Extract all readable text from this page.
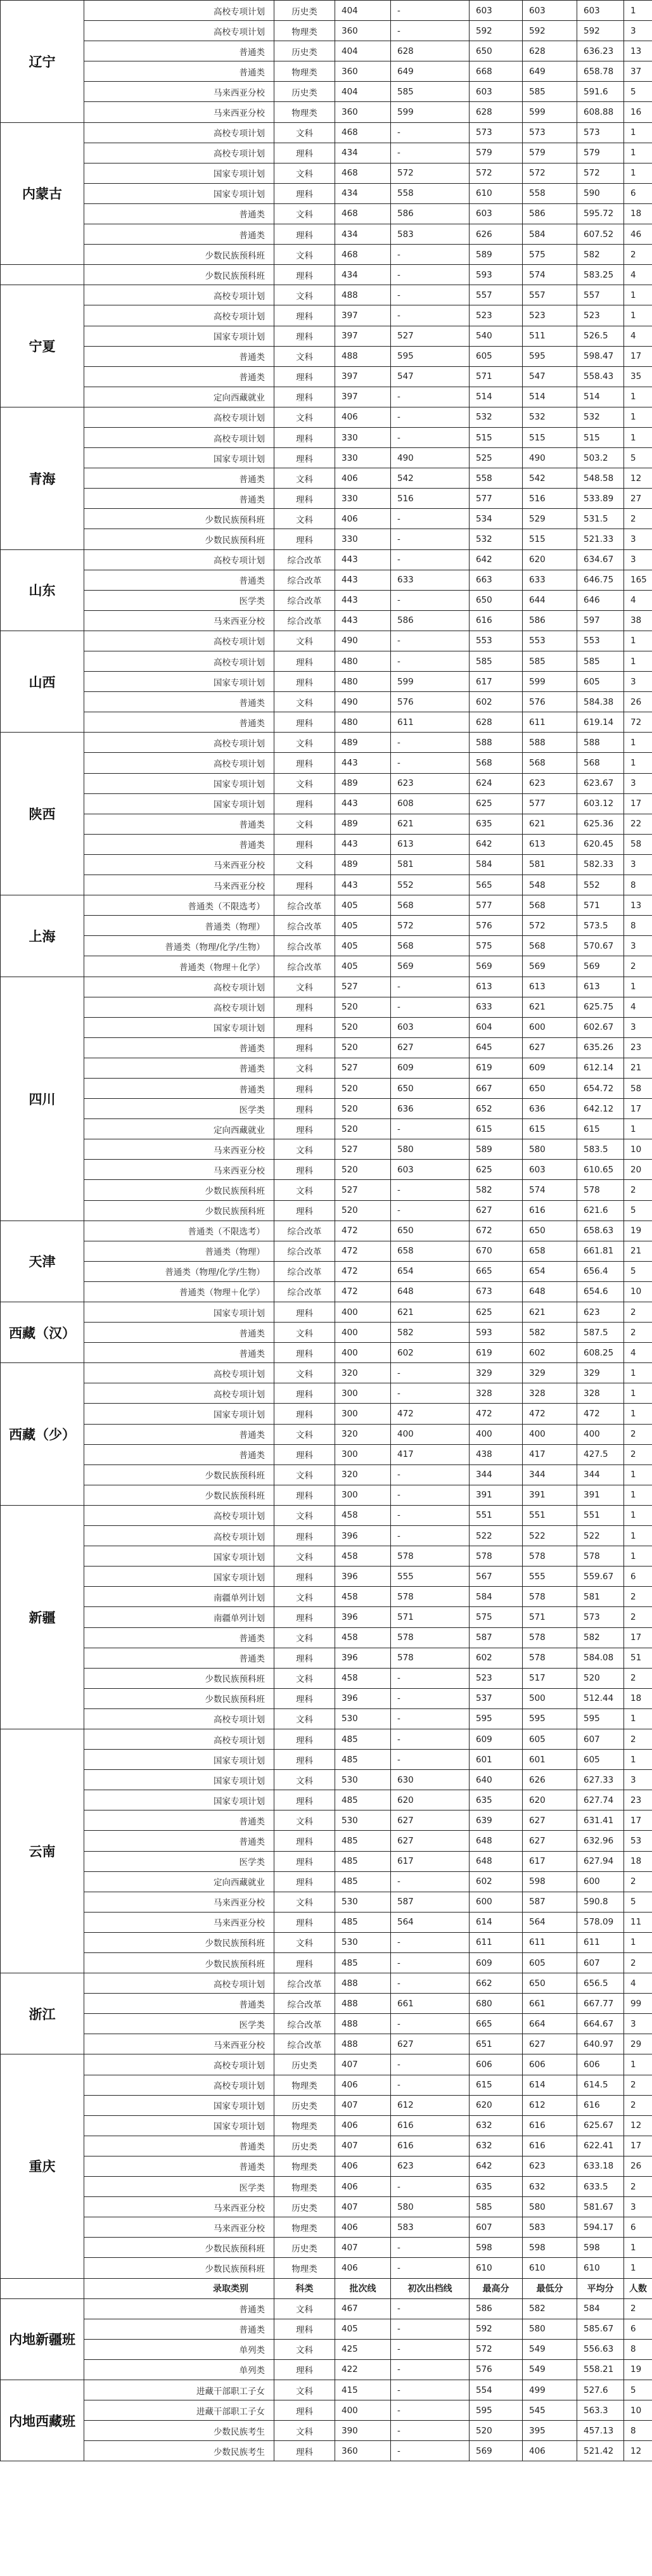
辽宁	高校专项计划	历史类	404	-	603	603	603	1
	高校专项计划	物理类	360	-	592	592	592	3
	普通类	历史类	404	628	650	628	636.23	13
	普通类	物理类	360	649	668	649	658.78	37
	马来西亚分校	历史类	404	585	603	585	591.6	5
	马来西亚分校	物理类	360	599	628	599	608.88	16
内蒙古	高校专项计划	文科	468	-	573	573	573	1
	高校专项计划	理科	434	-	579	579	579	1
	国家专项计划	文科	468	572	572	572	572	1
	国家专项计划	理科	434	558	610	558	590	6
	普通类	文科	468	586	603	586	595.72	18
	普通类	理科	434	583	626	584	607.52	46
	少数民族预科班	文科	468	-	589	575	582	2
	少数民族预科班	理科	434	-	593	574	583.25	4
宁夏	高校专项计划	文科	488	-	557	557	557	1
	高校专项计划	理科	397	-	523	523	523	1
	国家专项计划	理科	397	527	540	511	526.5	4
	普通类	文科	488	595	605	595	598.47	17
	普通类	理科	397	547	571	547	558.43	35
	定向西藏就业	理科	397	-	514	514	514	1
青海	高校专项计划	文科	406	-	532	532	532	1
	高校专项计划	理科	330	-	515	515	515	1
	国家专项计划	理科	330	490	525	490	503.2	5
	普通类	文科	406	542	558	542	548.58	12
	普通类	理科	330	516	577	516	533.89	27
	少数民族预科班	文科	406	-	534	529	531.5	2
	少数民族预科班	理科	330	-	532	515	521.33	3
山东	高校专项计划	综合改革	443	-	642	620	634.67	3
	普通类	综合改革	443	633	663	633	646.75	165
	医学类	综合改革	443	-	650	644	646	4
	马来西亚分校	综合改革	443	586	616	586	597	38
山西	高校专项计划	文科	490	-	553	553	553	1
	高校专项计划	理科	480	-	585	585	585	1
	国家专项计划	理科	480	599	617	599	605	3
	普通类	文科	490	576	602	576	584.38	26
	普通类	理科	480	611	628	611	619.14	72
陕西	高校专项计划	文科	489	-	588	588	588	1
	高校专项计划	理科	443	-	568	568	568	1
	国家专项计划	文科	489	623	624	623	623.67	3
	国家专项计划	理科	443	608	625	577	603.12	17
	普通类	文科	489	621	635	621	625.36	22
	普通类	理科	443	613	642	613	620.45	58
	马来西亚分校	文科	489	581	584	581	582.33	3
	马来西亚分校	理科	443	552	565	548	552	8
上海	普通类（不限选考）	综合改革	405	568	577	568	571	13
	普通类（物理）	综合改革	405	572	576	572	573.5	8
	普通类（物理/化学/生物）	综合改革	405	568	575	568	570.67	3
	普通类（物理＋化学）	综合改革	405	569	569	569	569	2
四川	高校专项计划	文科	527	-	613	613	613	1
	高校专项计划	理科	520	-	633	621	625.75	4
	国家专项计划	理科	520	603	604	600	602.67	3
	普通类	理科	520	627	645	627	635.26	23
	普通类	文科	527	609	619	609	612.14	21
	普通类	理科	520	650	667	650	654.72	58
	医学类	理科	520	636	652	636	642.12	17
	定向西藏就业	理科	520	-	615	615	615	1
	马来西亚分校	文科	527	580	589	580	583.5	10
	马来西亚分校	理科	520	603	625	603	610.65	20
	少数民族预科班	文科	527	-	582	574	578	2
	少数民族预科班	理科	520	-	627	616	621.6	5
天津	普通类（不限选考）	综合改革	472	650	672	650	658.63	19
	普通类（物理）	综合改革	472	658	670	658	661.81	21
	普通类（物理/化学/生物）	综合改革	472	654	665	654	656.4	5
	普通类（物理＋化学）	综合改革	472	648	673	648	654.6	10
西藏（汉）	国家专项计划	理科	400	621	625	621	623	2
	普通类	文科	400	582	593	582	587.5	2
	普通类	理科	400	602	619	602	608.25	4
西藏（少）	高校专项计划	文科	320	-	329	329	329	1
	高校专项计划	理科	300	-	328	328	328	1
	国家专项计划	理科	300	472	472	472	472	1
	普通类	文科	320	400	400	400	400	2
	普通类	理科	300	417	438	417	427.5	2
	少数民族预科班	文科	320	-	344	344	344	1
	少数民族预科班	理科	300	-	391	391	391	1
新疆	高校专项计划	文科	458	-	551	551	551	1
	高校专项计划	理科	396	-	522	522	522	1
	国家专项计划	文科	458	578	578	578	578	1
	国家专项计划	理科	396	555	567	555	559.67	6
	南疆单列计划	文科	458	578	584	578	581	2
	南疆单列计划	理科	396	571	575	571	573	2
	普通类	文科	458	578	587	578	582	17
	普通类	理科	396	578	602	578	584.08	51
	少数民族预科班	文科	458	-	523	517	520	2
	少数民族预科班	理科	396	-	537	500	512.44	18
	高校专项计划	文科	530	-	595	595	595	1
云南	高校专项计划	理科	485	-	609	605	607	2
	国家专项计划	理科	485	-	601	601	605	1
	国家专项计划	文科	530	630	640	626	627.33	3
	国家专项计划	理科	485	620	635	620	627.74	23
	普通类	文科	530	627	639	627	631.41	17
	普通类	理科	485	627	648	627	632.96	53
	医学类	理科	485	617	648	617	627.94	18
	定向西藏就业	理科	485	-	602	598	600	2
	马来西亚分校	文科	530	587	600	587	590.8	5
	马来西亚分校	理科	485	564	614	564	578.09	11
	少数民族预科班	文科	530	-	611	611	611	1
	少数民族预科班	理科	485	-	609	605	607	2
浙江	高校专项计划	综合改革	488	-	662	650	656.5	4
	普通类	综合改革	488	661	680	661	667.77	99
	医学类	综合改革	488	-	665	664	664.67	3
	马来西亚分校	综合改革	488	627	651	627	640.97	29
重庆	高校专项计划	历史类	407	-	606	606	606	1
	高校专项计划	物理类	406	-	615	614	614.5	2
	国家专项计划	历史类	407	612	620	612	616	2
	国家专项计划	物理类	406	616	632	616	625.67	12
	普通类	历史类	407	616	632	616	622.41	17
	普通类	物理类	406	623	642	623	633.18	26
	医学类	物理类	406	-	635	632	633.5	2
	马来西亚分校	历史类	407	580	585	580	581.67	3
	马来西亚分校	物理类	406	583	607	583	594.17	6
	少数民族预科班	历史类	407	-	598	598	598	1
	少数民族预科班	物理类	406	-	610	610	610	1
	录取类别	科类	批次线	初次出档线	最高分	最低分	平均分	人数
内地新疆班	普通类	文科	467	-	586	582	584	2
	普通类	理科	405	-	592	580	585.67	6
	单列类	文科	425	-	572	549	556.63	8
	单列类	理科	422	-	576	549	558.21	19
内地西藏班	进藏干部职工子女	文科	415	-	554	499	527.6	5
	进藏干部职工子女	理科	400	-	595	545	563.3	10
	少数民族考生	文科	390	-	520	395	457.13	8
	少数民族考生	理科	360	-	569	406	521.42	12
